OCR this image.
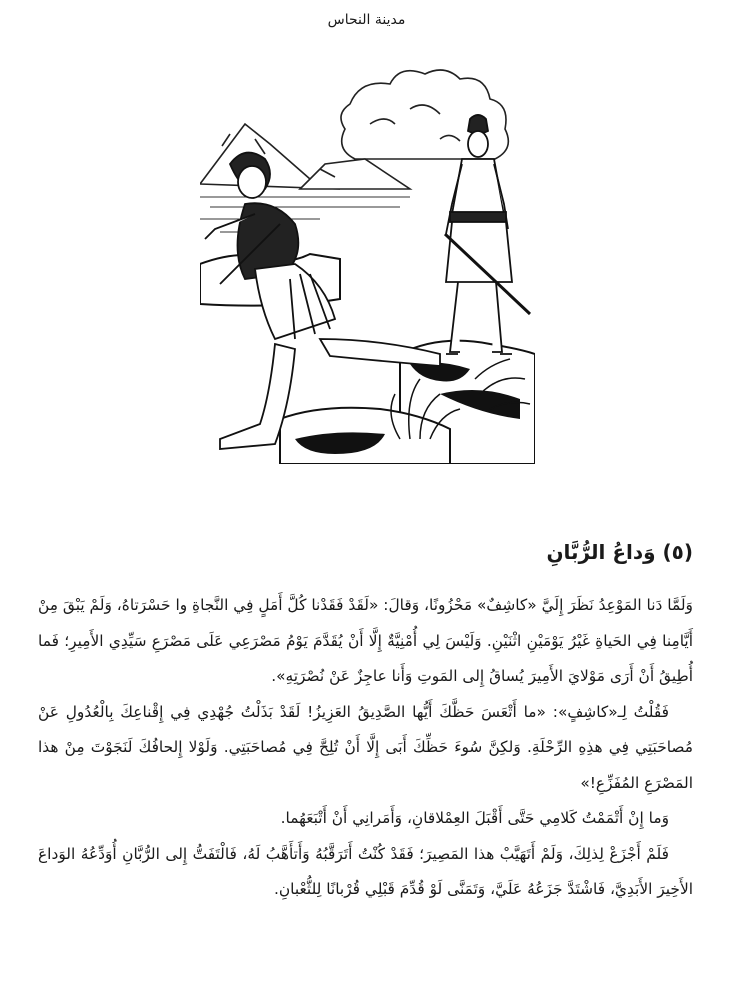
مدينة النحاس
(٥) وَداعُ الرُّبَّانِ

وَلَمَّا دَنا المَوْعِدُ نَظَرَ إِلَيَّ «كاشِفٌ» مَحْزُونًا، وَقالَ: «لَقَدْ فَقَدْنا كُلَّ أَمَلٍ فِي النَّجاةِ وا حَسْرَتاهُ، وَلَمْ يَبْقَ مِنْ أَيَّامِنا فِي الحَياةِ غَيْرُ يَوْمَيْنِ اثْنَيْنِ. وَلَيْسَ لِي أُمْنِيَّةٌ إِلَّا أَنْ يُقَدَّمَ يَوْمُ مَصْرَعِي عَلَى مَصْرَعِ سَيِّدِي الأَمِيرِ؛ فَما أُطِيقُ أَنْ أَرَى مَوْلايَ الأَمِيرَ يُساقُ إِلى المَوتِ وَأَنا عاجِزٌ عَنْ نُصْرَتِهِ».

فَقُلْتُ لِـ«كاشِفٍ»: «ما أَتْعَسَ حَظَّكَ أَيُّها الصَّدِيقُ العَزِيزُ! لَقَدْ بَذَلْتُ جُهْدِي فِي إِقْناعِكَ بِالْعُدُولِ عَنْ مُصاحَبَتِي فِي هذِهِ الرِّحْلَةِ. وَلكِنَّ سُوءَ حَظِّكَ أَبَى إِلَّا أَنْ تُلِحَّ فِي مُصاحَبَتِي. وَلَوْلا إِلحافُكَ لَنَجَوْتَ مِنْ هذا المَصْرَعِ المُفَزِّعِ!»

وَما إِنْ أَتْمَمْتُ كَلامِي حَتَّى أَقْبَلَ العِمْلاقانِ، وَأَمَرانِي أَنْ أَتْبَعَهُما.

فَلَمْ أَجْزَعْ لِذلِكَ، وَلَمْ أَتَهَيَّبْ هذا المَصِيرَ؛ فَقَدْ كُنْتُ أَتَرَقَّبُهُ وَأَتأَهَّبُ لَهُ، فَالْتَفَتُّ إِلى الرُّبَّانِ أُوَدِّعُهُ الوَداعَ الأَخِيرَ الأَبَدِيَّ، فَاشْتَدَّ جَزَعُهُ عَلَيَّ، وَتَمَنَّى لَوْ قُدِّمَ قَبْلِي قُرْبانًا لِلثُّعْبانِ.
